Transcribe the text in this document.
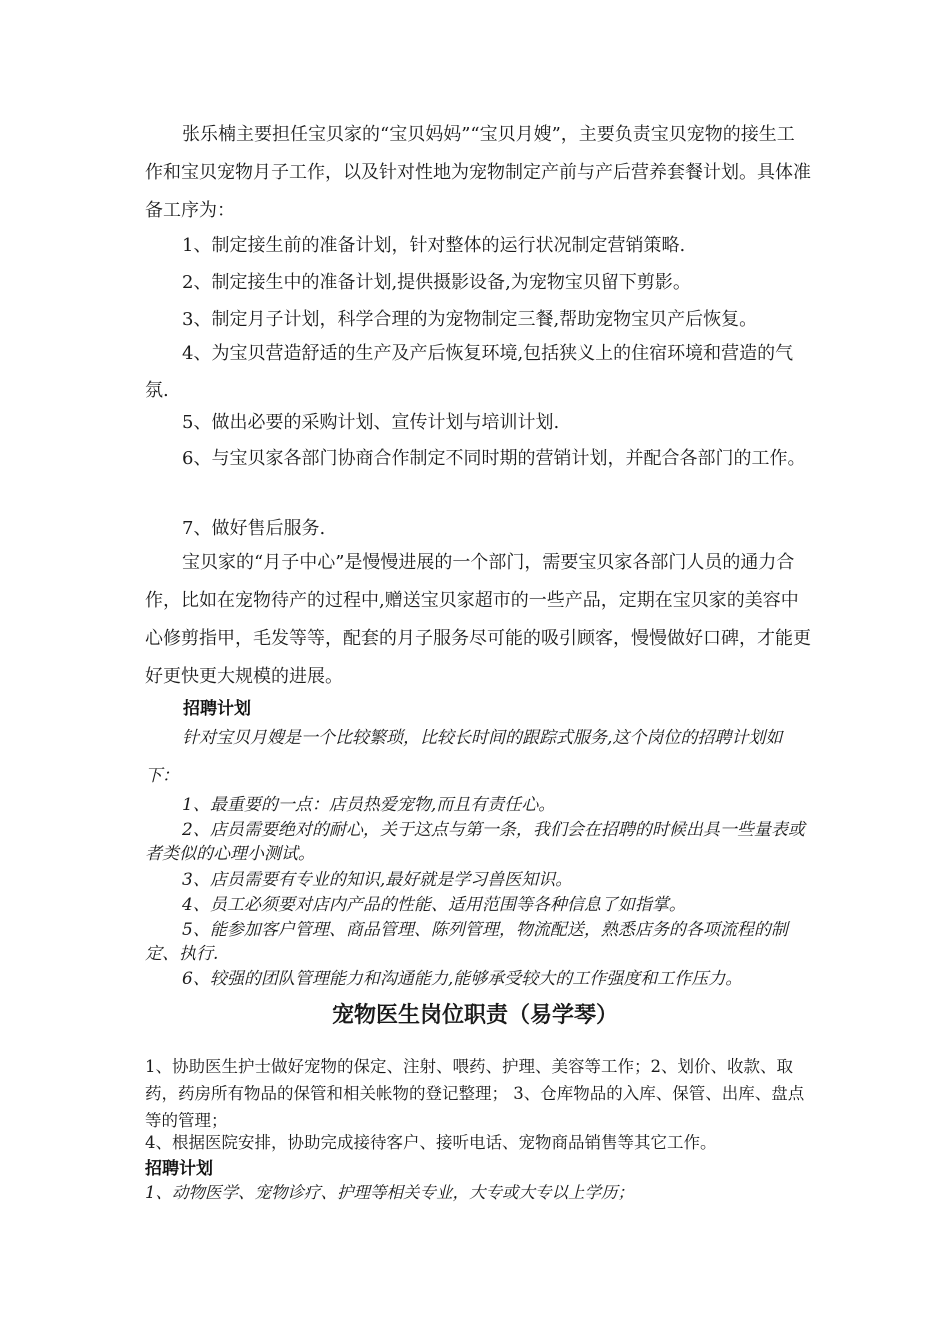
张乐楠主要担任宝贝家的“宝贝妈妈”“宝贝月嫂”，主要负责宝贝宠物的接生工作和宝贝宠物月子工作，以及针对性地为宠物制定产前与产后营养套餐计划。具体准备工序为：
1、制定接生前的准备计划，针对整体的运行状况制定营销策略.
2、制定接生中的准备计划,提供摄影设备,为宠物宝贝留下剪影。
3、制定月子计划，科学合理的为宠物制定三餐,帮助宠物宝贝产后恢复。
4、为宝贝营造舒适的生产及产后恢复环境,包括狭义上的住宿环境和营造的气氛.
5、做出必要的采购计划、宣传计划与培训计划.
6、与宝贝家各部门协商合作制定不同时期的营销计划，并配合各部门的工作。
7、做好售后服务.
宝贝家的“月子中心”是慢慢进展的一个部门，需要宝贝家各部门人员的通力合作，比如在宠物待产的过程中,赠送宝贝家超市的一些产品，定期在宝贝家的美容中心修剪指甲，毛发等等，配套的月子服务尽可能的吸引顾客，慢慢做好口碑，才能更好更快更大规模的进展。
招聘计划
针对宝贝月嫂是一个比较繁琐，比较长时间的跟踪式服务,这个岗位的招聘计划如下：
1、最重要的一点：店员热爱宠物,而且有责任心。
2、店员需要绝对的耐心，关于这点与第一条，我们会在招聘的时候出具一些量表或者类似的心理小测试。
3、店员需要有专业的知识,最好就是学习兽医知识。
4、员工必须要对店内产品的性能、适用范围等各种信息了如指掌。
5、能参加客户管理、商品管理、陈列管理，物流配送，熟悉店务的各项流程的制定、执行.
6、较强的团队管理能力和沟通能力,能够承受较大的工作强度和工作压力。
宠物医生岗位职责（易学琴）
1、协助医生护士做好宠物的保定、注射、喂药、护理、美容等工作；2、划价、收款、取药，药房所有物品的保管和相关帐物的登记整理； 3、仓库物品的入库、保管、出库、盘点等的管理；
4、根据医院安排，协助完成接待客户、接听电话、宠物商品销售等其它工作。
招聘计划
1、动物医学、宠物诊疗、护理等相关专业，大专或大专以上学历；
